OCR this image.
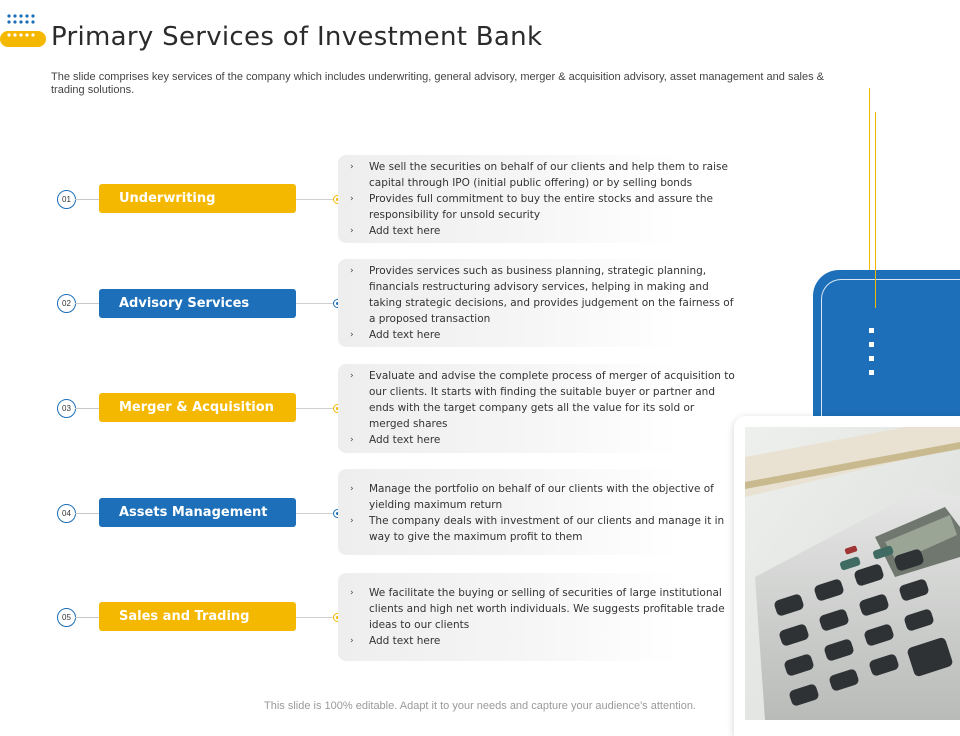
Primary Services of Investment Bank
The slide comprises key services of the company which includes underwriting, general advisory, merger & acquisition advisory, asset management and sales &
trading solutions.
01	Underwriting
› We sell the securities on behalf of our clients and help them to raise
capital through IPO (initial public offering) or by selling bonds
› Provides full commitment to buy the entire stocks and assure the
responsibility for unsold security
› Add text here
02	Advisory Services
› Provides services such as business planning, strategic planning,
financials restructuring advisory services, helping in making and
taking strategic decisions, and provides judgement on the fairness of
a proposed transaction
› Add text here
03	Merger & Acquisition
› Evaluate and advise the complete process of merger of acquisition to
our clients. It starts with finding the suitable buyer or partner and
ends with the target company gets all the value for its sold or
merged shares
› Add text here
04	Assets Management
› Manage the portfolio on behalf of our clients with the objective of
yielding maximum return
› The company deals with investment of our clients and manage it in
way to give the maximum profit to them
05	Sales and Trading
› We facilitate the buying or selling of securities of large institutional
clients and high net worth individuals. We suggests profitable trade
ideas to our clients
› Add text here
This slide is 100% editable. Adapt it to your needs and capture your audience's attention.
